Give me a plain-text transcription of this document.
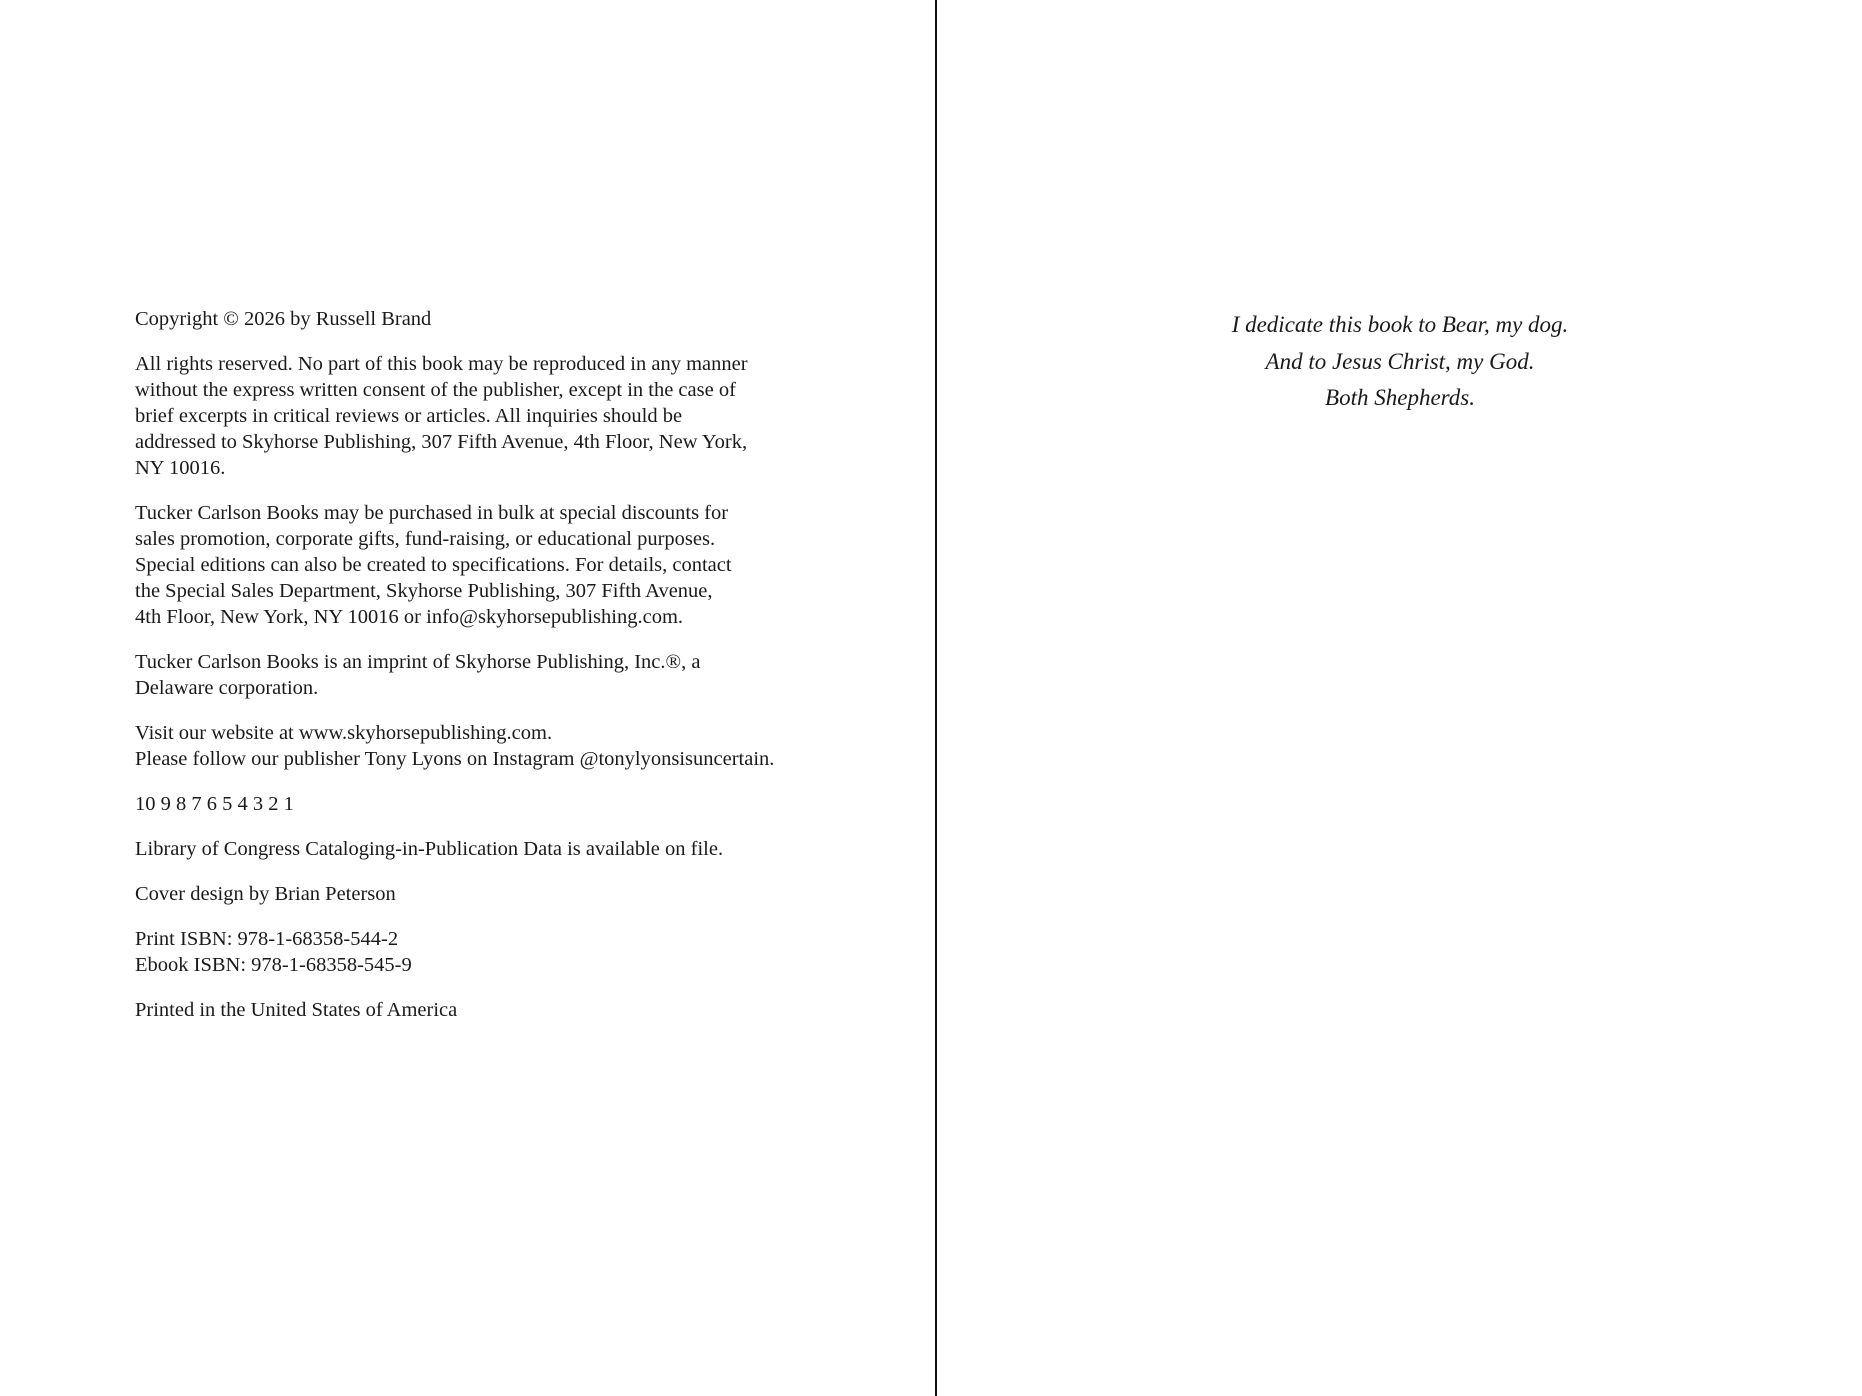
Copyright © 2026 by Russell Brand

All rights reserved. No part of this book may be reproduced in any manner
without the express written consent of the publisher, except in the case of
brief excerpts in critical reviews or articles. All inquiries should be
addressed to Skyhorse Publishing, 307 Fifth Avenue, 4th Floor, New York,
NY 10016.

Tucker Carlson Books may be purchased in bulk at special discounts for
sales promotion, corporate gifts, fund-raising, or educational purposes.
Special editions can also be created to specifications. For details, contact
the Special Sales Department, Skyhorse Publishing, 307 Fifth Avenue,
4th Floor, New York, NY 10016 or info@skyhorsepublishing.com.

Tucker Carlson Books is an imprint of Skyhorse Publishing, Inc.®, a
Delaware corporation.

Visit our website at www.skyhorsepublishing.com.
Please follow our publisher Tony Lyons on Instagram @tonylyonsisuncertain.

10 9 8 7 6 5 4 3 2 1

Library of Congress Cataloging-in-Publication Data is available on file.

Cover design by Brian Peterson

Print ISBN: 978-1-68358-544-2
Ebook ISBN: 978-1-68358-545-9

Printed in the United States of America

I dedicate this book to Bear, my dog.
And to Jesus Christ, my God.
Both Shepherds.
